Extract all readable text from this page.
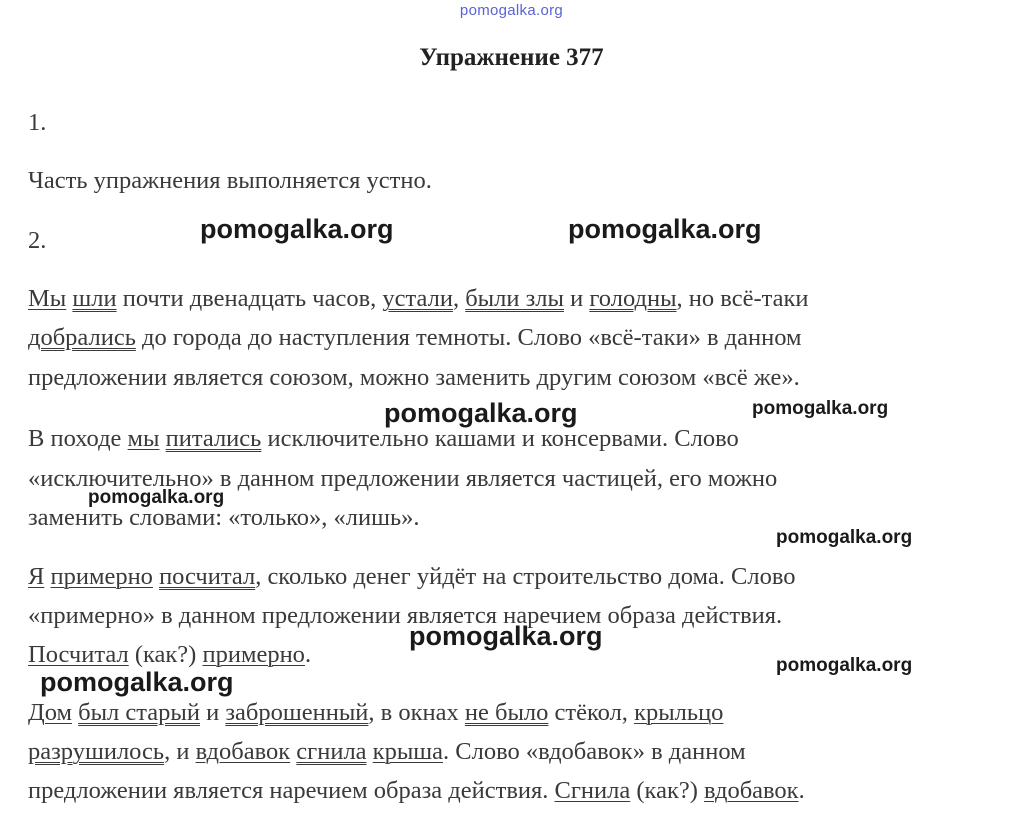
pomogalka.org
Упражнение 377
1.
Часть упражнения выполняется устно.
2.
Мы шли почти двенадцать часов, устали, были злы и голодны, но всё-таки
добрались до города до наступления темноты. Слово «всё-таки» в данном
предложении является союзом, можно заменить другим союзом «всё же».
В походе мы питались исключительно кашами и консервами. Слово
«исключительно» в данном предложении является частицей, его можно
заменить словами: «только», «лишь».
Я примерно посчитал, сколько денег уйдёт на строительство дома. Слово
«примерно» в данном предложении является наречием образа действия.
Посчитал (как?) примерно.
Дом был старый и заброшенный, в окнах не было стёкол, крыльцо
разрушилось, и вдобавок сгнила крыша. Слово «вдобавок» в данном
предложении является наречием образа действия. Сгнила (как?) вдобавок.
pomogalka.org	pomogalka.org
pomogalka.org	pomogalka.org
pomogalka.org
pomogalka.org
pomogalka.org
pomogalka.org
pomogalka.org
